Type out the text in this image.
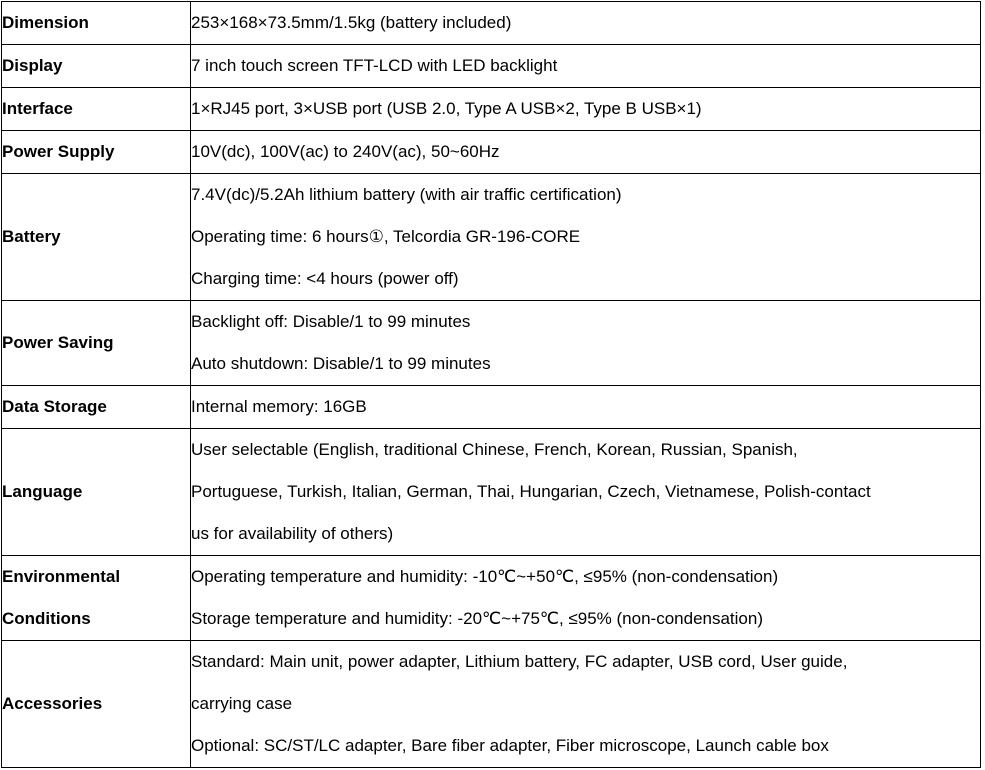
Dimension	253×168×73.5mm/1.5kg (battery included)

Display	7 inch touch screen TFT-LCD with LED backlight

Interface	1×RJ45 port, 3×USB port (USB 2.0, Type A USB×2, Type B USB×1)

Power Supply	10V(dc), 100V(ac) to 240V(ac), 50~60Hz

Battery	7.4V(dc)/5.2Ah lithium battery (with air traffic certification)
Operating time: 6 hours①, Telcordia GR-196-CORE
Charging time: <4 hours (power off)

Power Saving	Backlight off: Disable/1 to 99 minutes
Auto shutdown: Disable/1 to 99 minutes

Data Storage	Internal memory: 16GB

Language	User selectable (English, traditional Chinese, French, Korean, Russian, Spanish,
Portuguese, Turkish, Italian, German, Thai, Hungarian, Czech, Vietnamese, Polish-contact
us for availability of others)

Environmental
Conditions	Operating temperature and humidity: -10℃~+50℃, ≤95% (non-condensation)
Storage temperature and humidity: -20℃~+75℃, ≤95% (non-condensation)

Accessories	Standard: Main unit, power adapter, Lithium battery, FC adapter, USB cord, User guide,
carrying case
Optional: SC/ST/LC adapter, Bare fiber adapter, Fiber microscope, Launch cable box
